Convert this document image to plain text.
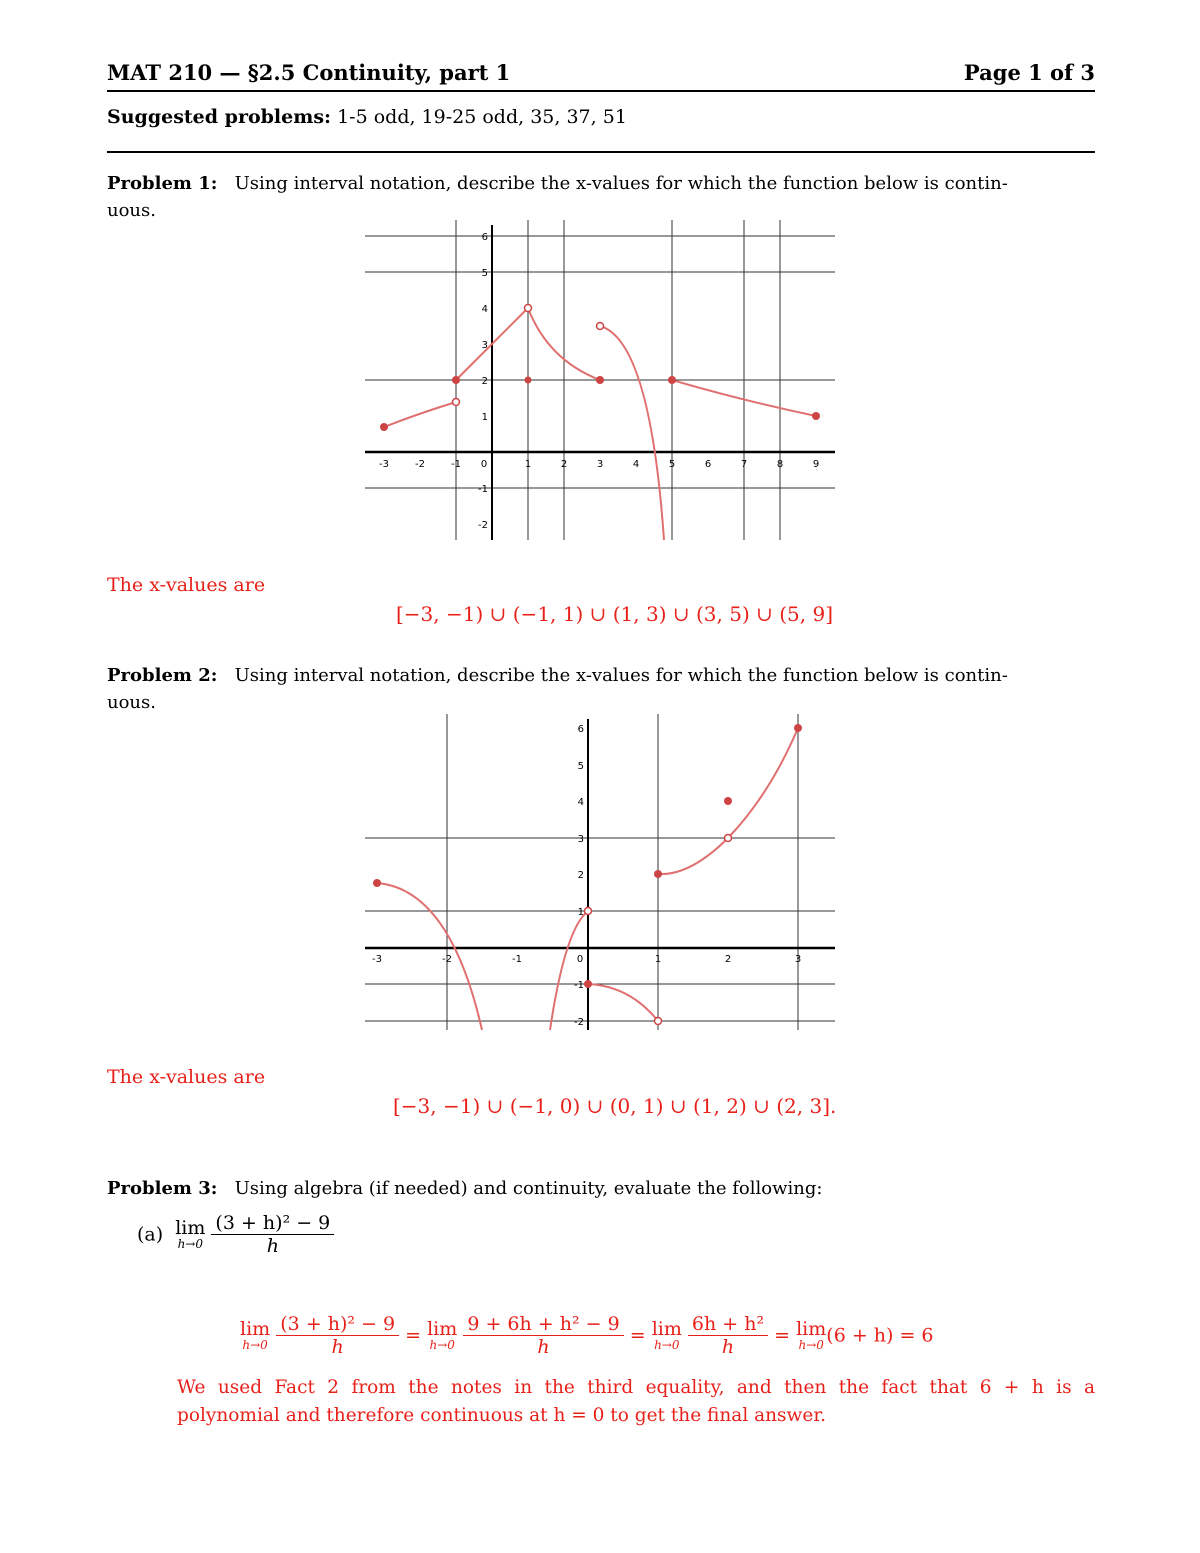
MAT 210 — §2.5 Continuity, part 1	Page 1 of 3
Suggested problems: 1-5 odd, 19-25 odd, 35, 37, 51
Problem 1: Using interval notation, describe the x-values for which the function below is contin-
uous.
-3	-2	-1 0	1	2	3	4	5	6	7	8	9
6
5
4
3
2
1
-1
-2
The x-values are
[−3, −1) ∪ (−1, 1) ∪ (1, 3) ∪ (3, 5) ∪ (5, 9]
Problem 2: Using interval notation, describe the x-values for which the function below is contin-
uous.
-3	-2	-1	0	1	2	3
6
5
4
3
2
1
-1
-2
The x-values are
[−3, −1) ∪ (−1, 0) ∪ (0, 1) ∪ (1, 2) ∪ (2, 3].
Problem 3: Using algebra (if needed) and continuity, evaluate the following:
(a) lim
h→0
$\frac{\text{(3 + h)² − 9}}{h}$
lim
h→0
$\frac{\text{(3 + h)² − 9}}{h} = \lim$
h→0
$\frac{\text{9 + 6h + h² − 9}}{h} = \lim$
h→0
$\frac{\text{6h + h²}}{h} = \lim$
h→0 (6 + h) = 6
We used Fact 2 from the notes in the third equality, and then the fact that 6 + h is a
polynomial and therefore continuous at h = 0 to get the final answer.
